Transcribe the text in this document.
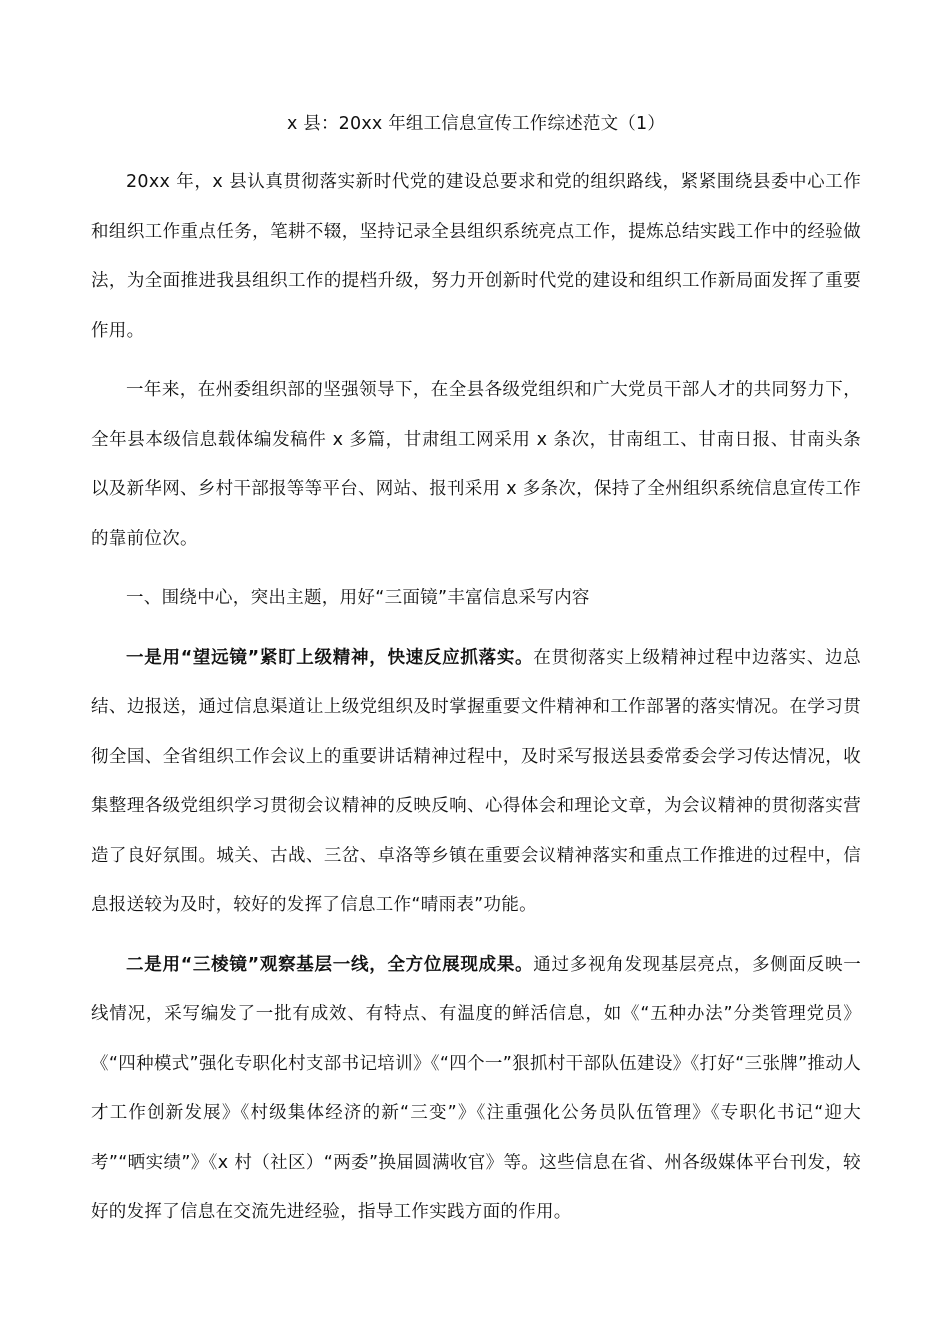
x 县：20xx 年组工信息宣传工作综述范文（1）

20xx 年，x 县认真贯彻落实新时代党的建设总要求和党的组织路线，紧紧围绕县委中心工作和组织工作重点任务，笔耕不辍，坚持记录全县组织系统亮点工作，提炼总结实践工作中的经验做法，为全面推进我县组织工作的提档升级，努力开创新时代党的建设和组织工作新局面发挥了重要作用。

一年来，在州委组织部的坚强领导下，在全县各级党组织和广大党员干部人才的共同努力下，全年县本级信息载体编发稿件 x 多篇，甘肃组工网采用 x 条次，甘南组工、甘南日报、甘南头条以及新华网、乡村干部报等等平台、网站、报刊采用 x 多条次，保持了全州组织系统信息宣传工作的靠前位次。

一、围绕中心，突出主题，用好“三面镜”丰富信息采写内容

一是用“望远镜”紧盯上级精神，快速反应抓落实。在贯彻落实上级精神过程中边落实、边总结、边报送，通过信息渠道让上级党组织及时掌握重要文件精神和工作部署的落实情况。在学习贯彻全国、全省组织工作会议上的重要讲话精神过程中，及时采写报送县委常委会学习传达情况，收集整理各级党组织学习贯彻会议精神的反映反响、心得体会和理论文章，为会议精神的贯彻落实营造了良好氛围。城关、古战、三岔、卓洛等乡镇在重要会议精神落实和重点工作推进的过程中，信息报送较为及时，较好的发挥了信息工作“晴雨表”功能。

二是用“三棱镜”观察基层一线，全方位展现成果。通过多视角发现基层亮点，多侧面反映一线情况，采写编发了一批有成效、有特点、有温度的鲜活信息，如《“五种办法”分类管理党员》《“四种模式”强化专职化村支部书记培训》《“四个一”狠抓村干部队伍建设》《打好“三张牌”推动人才工作创新发展》《村级集体经济的新“三变”》《注重强化公务员队伍管理》《专职化书记“迎大考”“晒实绩”》《x 村（社区）“两委”换届圆满收官》等。这些信息在省、州各级媒体平台刊发，较好的发挥了信息在交流先进经验，指导工作实践方面的作用。
